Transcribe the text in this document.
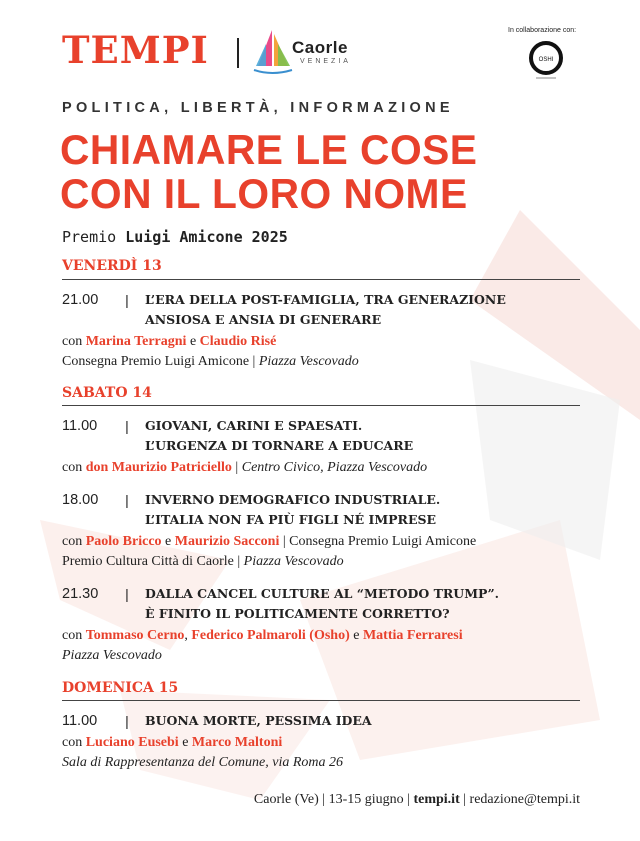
TEMPI	Caorle
VENEZIA
In collaborazione con:
OSHI
POLITICA, LIBERTÀ, INFORMAZIONE
CHIAMARE LE COSE
CON IL LORO NOME
Premio Luigi Amicone 2025
VENERDÌ 13
21.00	|	L’ERA DELLA POST-FAMIGLIA, TRA GENERAZIONE
ANSIOSA E ANSIA DI GENERARE
con Marina Terragni e Claudio Risé
Consegna Premio Luigi Amicone | Piazza Vescovado
SABATO 14
11.00	|	GIOVANI, CARINI E SPAESATI.
L’URGENZA DI TORNARE A EDUCARE
con don Maurizio Patriciello | Centro Civico, Piazza Vescovado
18.00	|	INVERNO DEMOGRAFICO INDUSTRIALE.
L’ITALIA NON FA PIÙ FIGLI NÉ IMPRESE
con Paolo Bricco e Maurizio Sacconi | Consegna Premio Luigi Amicone
Premio Cultura Città di Caorle | Piazza Vescovado
21.30	|	DALLA CANCEL CULTURE AL “METODO TRUMP”.
È FINITO IL POLITICAMENTE CORRETTO?
con Tommaso Cerno, Federico Palmaroli (Osho) e Mattia Ferraresi
Piazza Vescovado
DOMENICA 15
11.00	|	BUONA MORTE, PESSIMA IDEA
con Luciano Eusebi e Marco Maltoni
Sala di Rappresentanza del Comune, via Roma 26
Caorle (Ve) | 13-15 giugno | tempi.it | redazione@tempi.it
